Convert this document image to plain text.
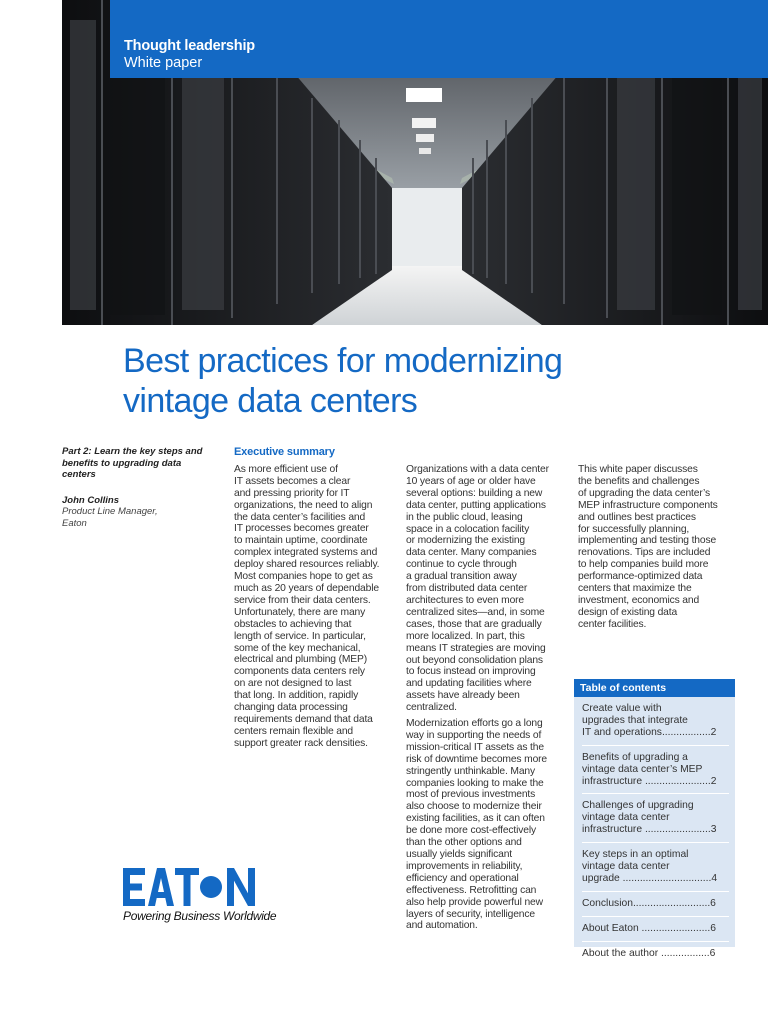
Thought leadership
White paper
Best practices for modernizing
vintage data centers
Part 2: Learn the key steps and benefits to upgrading data centers
John Collins
Product Line Manager,
Eaton
Executive summary

As more efficient use of
IT assets becomes a clear
and pressing priority for IT
organizations, the need to align
the data center’s facilities and
IT processes becomes greater
to maintain uptime, coordinate
complex integrated systems and
deploy shared resources reliably.
Most companies hope to get as
much as 20 years of dependable
service from their data centers.
Unfortunately, there are many
obstacles to achieving that
length of service. In particular,
some of the key mechanical,
electrical and plumbing (MEP)
components data centers rely
on are not designed to last
that long. In addition, rapidly
changing data processing
requirements demand that data
centers remain flexible and
support greater rack densities.

Organizations with a data center
10 years of age or older have
several options: building a new
data center, putting applications
in the public cloud, leasing
space in a colocation facility
or modernizing the existing
data center. Many companies
continue to cycle through
a gradual transition away
from distributed data center
architectures to even more
centralized sites—and, in some
cases, those that are gradually
more localized. In part, this
means IT strategies are moving
out beyond consolidation plans
to focus instead on improving
and updating facilities where
assets have already been
centralized.

Modernization efforts go a long
way in supporting the needs of
mission-critical IT assets as the
risk of downtime becomes more
stringently unthinkable. Many
companies looking to make the
most of previous investments
also choose to modernize their
existing facilities, as it can often
be done more cost-effectively
than the other options and
usually yields significant
improvements in reliability,
efficiency and operational
effectiveness. Retrofitting can
also help provide powerful new
layers of security, intelligence
and automation.

This white paper discusses
the benefits and challenges
of upgrading the data center’s
MEP infrastructure components
and outlines best practices
for successfully planning,
implementing and testing those
renovations. Tips are included
to help companies build more
performance-optimized data
centers that maximize the
investment, economics and
design of existing data
center facilities.

Table of contents
Create value with
upgrades that integrate
IT and operations.................2
Benefits of upgrading a
vintage data center’s MEP
infrastructure .......................2
Challenges of upgrading
vintage data center
infrastructure .......................3
Key steps in an optimal
vintage data center
upgrade ...............................4
Conclusion...........................6
About Eaton ........................6
About the author .................6
Powering Business Worldwide
